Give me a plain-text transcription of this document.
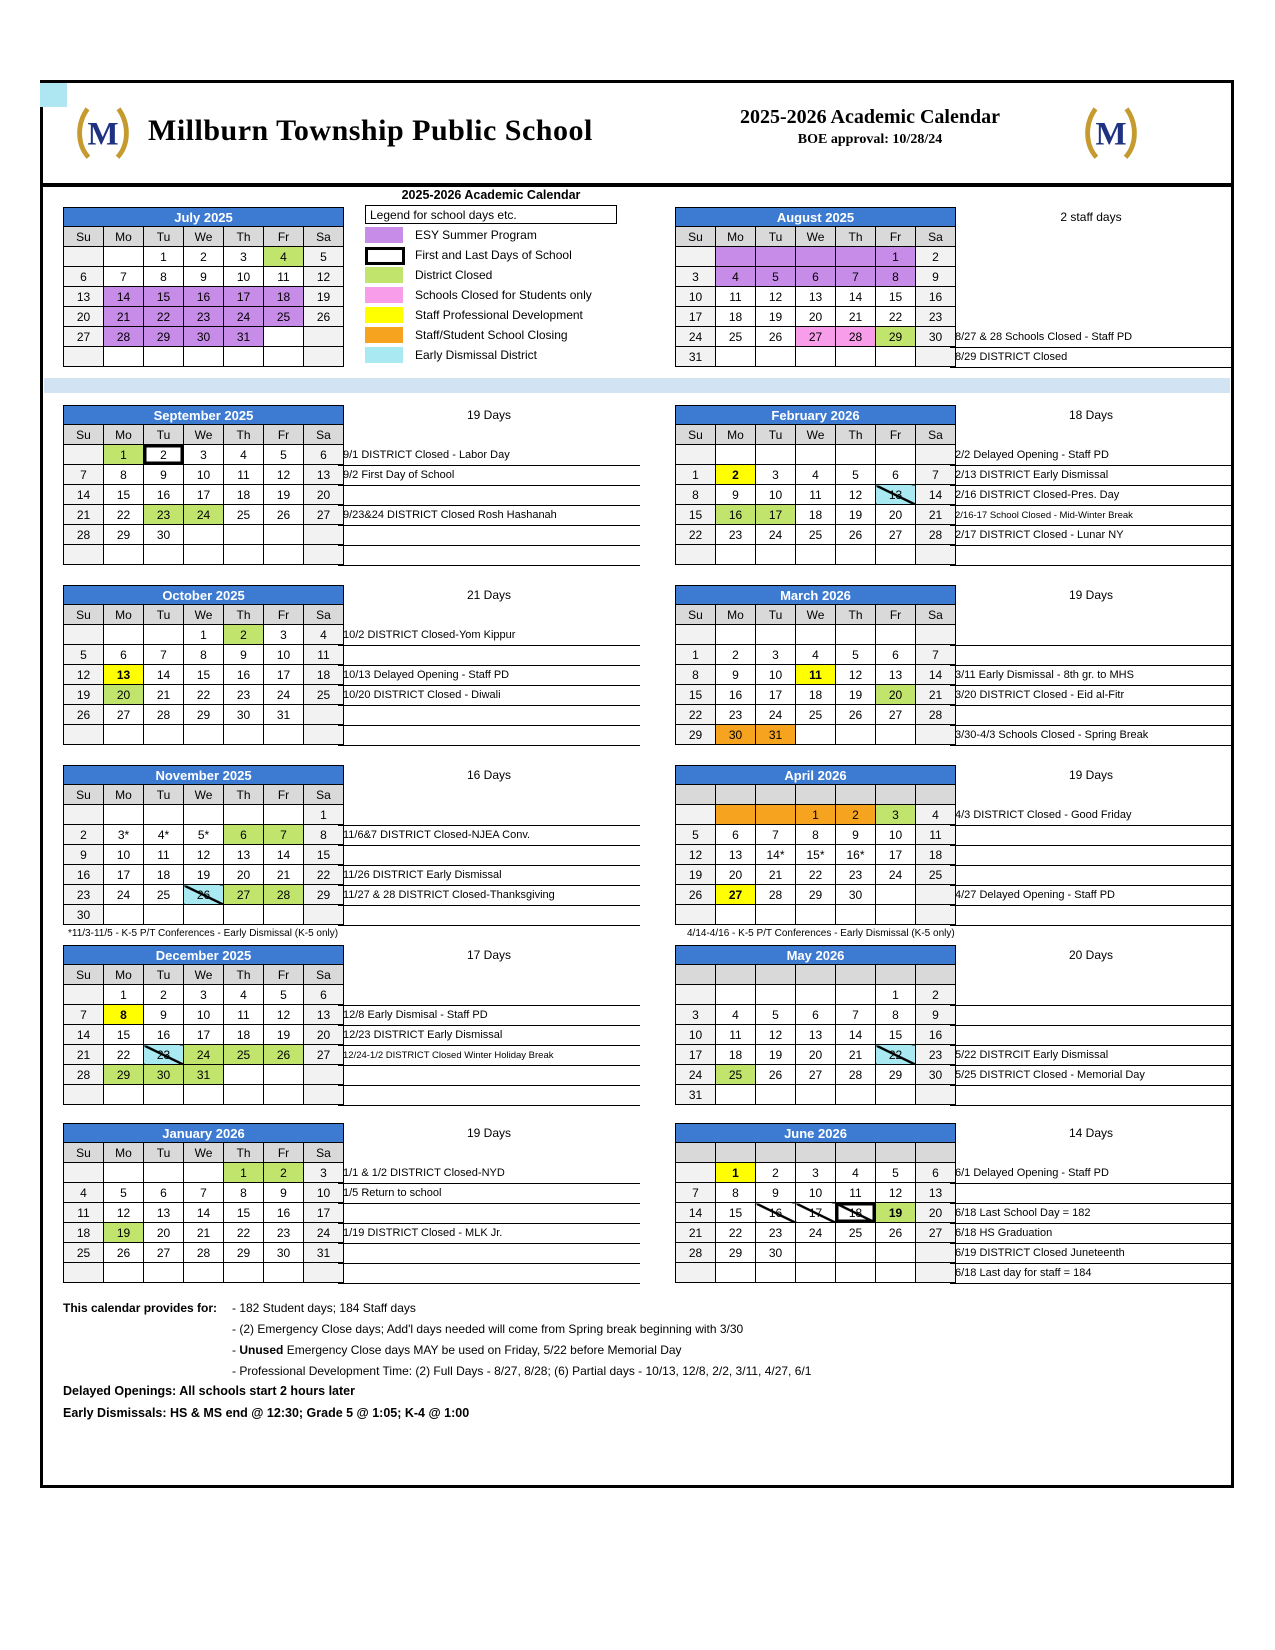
M Millburn Township Public School	2025-2026 Academic Calendar
BOE approval: 10/28/24	M
2025-2026 Academic Calendar
Legend for school days etc.
ESY Summer Program
First and Last Days of School
District Closed
Schools Closed for Students only
Staff Professional Development
Staff/Student School Closing
Early Dismissal District
July 2025						
Su	Mo	Tu	We	Th	Fr	Sa
		1	2	3	4	5
6	7	8	9	10	11	12
13	14	15	16	17	18	19
20	21	22	23	24	25	26
27	28	29	30	31		

August 2025						
Su	Mo	Tu	We	Th	Fr	Sa
					1	2
3	4	5	6	7	8	9
10	11	12	13	14	15	16
17	18	19	20	21	22	23
24	25	26	27	28	29	30
31						
2 staff days
8/27 & 28 Schools Closed - Staff PD
8/29 DISTRICT Closed
September 2025						
Su	Mo	Tu	We	Th	Fr	Sa
	1	2	3	4	5	6
7	8	9	10	11	12	13
14	15	16	17	18	19	20
21	22	23	24	25	26	27
28	29	30				

19 Days
9/1 DISTRICT Closed - Labor Day
9/2 First Day of School
9/23&24 DISTRICT Closed Rosh Hashanah
February 2026						
Su	Mo	Tu	We	Th	Fr	Sa

1	2	3	4	5	6	7
8	9	10	11	12	13	14
15	16	17	18	19	20	21
22	23	24	25	26	27	28

18 Days
2/2 Delayed Opening - Staff PD
2/13 DISTRICT Early Dismissal
2/16 DISTRICT Closed-Pres. Day
2/16-17 School Closed - Mid-Winter Break
2/17 DISTRICT Closed - Lunar NY
October 2025						
Su	Mo	Tu	We	Th	Fr	Sa
			1	2	3	4
5	6	7	8	9	10	11
12	13	14	15	16	17	18
19	20	21	22	23	24	25
26	27	28	29	30	31	

21 Days
10/2 DISTRICT Closed-Yom Kippur
10/13 Delayed Opening - Staff PD
10/20 DISTRICT Closed - Diwali
March 2026						
Su	Mo	Tu	We	Th	Fr	Sa

1	2	3	4	5	6	7
8	9	10	11	12	13	14
15	16	17	18	19	20	21
22	23	24	25	26	27	28
29	30	31				
19 Days
3/11 Early Dismissal - 8th gr. to MHS
3/20 DISTRICT Closed - Eid al-Fitr
3/30-4/3 Schools Closed - Spring Break
November 2025						
Su	Mo	Tu	We	Th	Fr	Sa
						1
2	3*	4*	5*	6	7	8
9	10	11	12	13	14	15
16	17	18	19	20	21	22
23	24	25	26	27	28	29
30						
16 Days
11/6&7 DISTRICT Closed-NJEA Conv.
11/26 DISTRICT Early Dismissal
11/27 & 28 DISTRICT Closed-Thanksgiving
*11/3-11/5 - K-5 P/T Conferences - Early Dismissal (K-5 only)
April 2026						

			1	2	3	4
5	6	7	8	9	10	11
12	13	14*	15*	16*	17	18
19	20	21	22	23	24	25
26	27	28	29	30		

19 Days
4/3 DISTRICT Closed - Good Friday
4/27 Delayed Opening - Staff PD
4/14-4/16 - K-5 P/T Conferences - Early Dismissal (K-5 only)
December 2025						
Su	Mo	Tu	We	Th	Fr	Sa
	1	2	3	4	5	6
7	8	9	10	11	12	13
14	15	16	17	18	19	20
21	22	23	24	25	26	27
28	29	30	31			

17 Days
12/8 Early Dismisal - Staff PD
12/23 DISTRICT Early Dismissal
12/24-1/2 DISTRICT Closed Winter Holiday Break
May 2026						

					1	2
3	4	5	6	7	8	9
10	11	12	13	14	15	16
17	18	19	20	21	22	23
24	25	26	27	28	29	30
31						
20 Days
5/22 DISTRCIT Early Dismissal
5/25 DISTRICT Closed - Memorial Day
January 2026						
Su	Mo	Tu	We	Th	Fr	Sa
				1	2	3
4	5	6	7	8	9	10
11	12	13	14	15	16	17
18	19	20	21	22	23	24
25	26	27	28	29	30	31

19 Days
1/1 & 1/2 DISTRICT Closed-NYD
1/5 Return to school
1/19 DISTRICT Closed - MLK Jr.
June 2026						

	1	2	3	4	5	6
7	8	9	10	11	12	13
14	15	16	17	18	19	20
21	22	23	24	25	26	27
28	29	30				

14 Days
6/1 Delayed Opening - Staff PD
6/18 Last School Day = 182
6/18 HS Graduation
6/19 DISTRICT Closed Juneteenth
6/18 Last day for staff = 184
This calendar provides for: - 182 Student days; 184 Staff days
- (2) Emergency Close days; Add'l days needed will come from Spring break beginning with 3/30
- Unused Emergency Close days MAY be used on Friday, 5/22 before Memorial Day
- Professional Development Time: (2) Full Days - 8/27, 8/28; (6) Partial days - 10/13, 12/8, 2/2, 3/11, 4/27, 6/1
Delayed Openings: All schools start 2 hours later
Early Dismissals: HS & MS end @ 12:30; Grade 5 @ 1:05; K-4 @ 1:00
